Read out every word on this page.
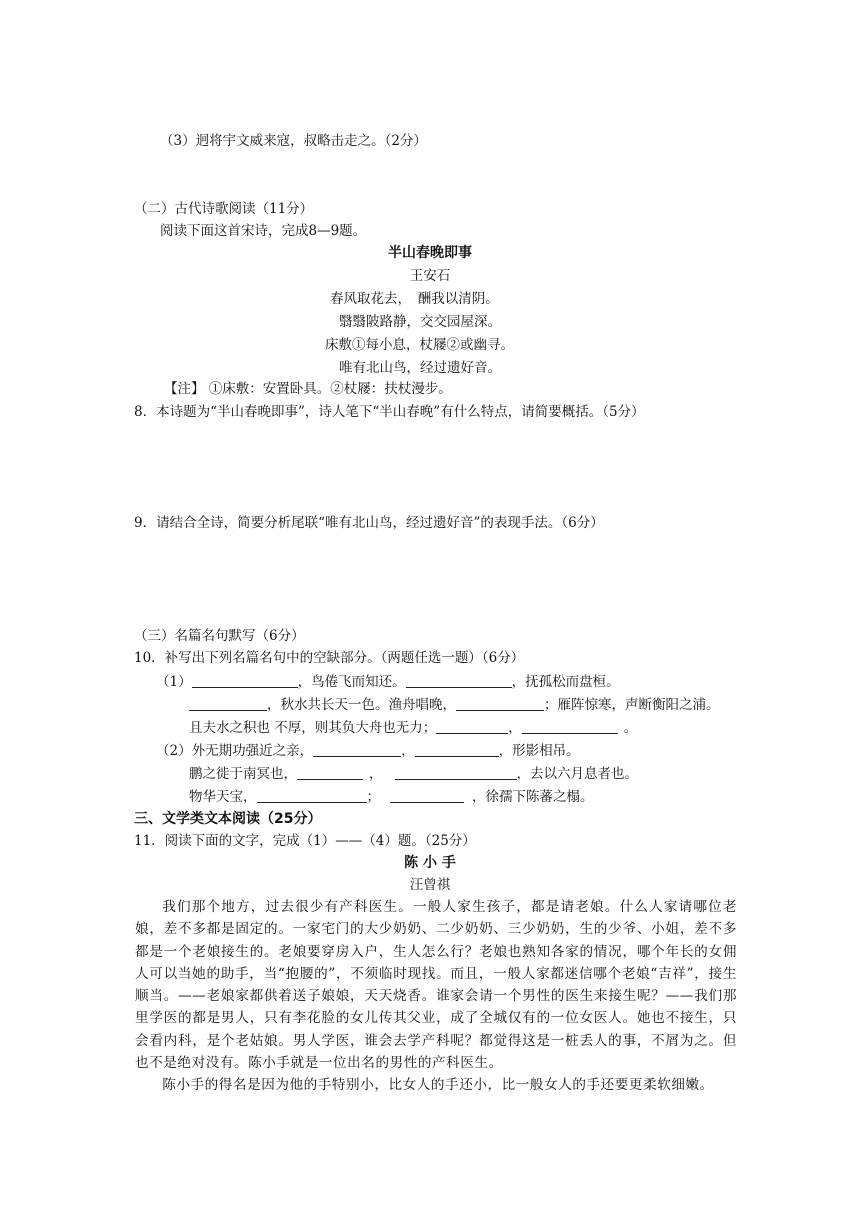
（3）迥将宇文威来寇，叔略击走之。（2分）
（二）古代诗歌阅读（11分）
阅读下面这首宋诗，完成8—9题。
半山春晚即事
王安石
春风取花去，　酬我以清阴。
翳翳陂路静，交交园屋深。
床敷①每小息，杖屦②或幽寻。
唯有北山鸟，经过遗好音。
【注】 ①床敷：安置卧具。②杖屦：扶杖漫步。
8．本诗题为“半山春晚即事”，诗人笔下“半山春晚”有什么特点，请简要概括。（5分）
9．请结合全诗，简要分析尾联“唯有北山鸟，经过遗好音”的表现手法。（6分）
（三）名篇名句默写（6分）
10．补写出下列名篇名句中的空缺部分。（两题任选一题）（6分）
（1）	，鸟倦飞而知还。	，抚孤松而盘桓。
，秋水共长天一色。渔舟唱晚，	；雁阵惊寒，声断衡阳之浦。
且夫水之积也 不厚，则其负大舟也无力；	，	。
（2）外无期功强近之亲，	，	，形影相吊。
鹏之徙于南冥也，	，	，去以六月息者也。
物华天宝，	；	，徐孺下陈蕃之榻。
三、文学类文本阅读（25分）
11．阅读下面的文字，完成（1）——（4）题。（25分）
陈 小 手
汪曾祺

我们那个地方，过去很少有产科医生。一般人家生孩子，都是请老娘。什么人家请哪位老娘，差不多都是固定的。一家宅门的大少奶奶、二少奶奶、三少奶奶，生的少爷、小姐，差不多都是一个老娘接生的。老娘要穿房入户，生人怎么行？老娘也熟知各家的情况，哪个年长的女佣人可以当她的助手，当“抱腰的”，不须临时现找。而且，一般人家都迷信哪个老娘“吉祥”，接生顺当。——老娘家都供着送子娘娘，天天烧香。谁家会请一个男性的医生来接生呢？——我们那里学医的都是男人，只有李花脸的女儿传其父业，成了全城仅有的一位女医人。她也不接生，只会看内科，是个老姑娘。男人学医，谁会去学产科呢？都觉得这是一桩丢人的事，不屑为之。但也不是绝对没有。陈小手就是一位出名的男性的产科医生。

陈小手的得名是因为他的手特别小，比女人的手还小，比一般女人的手还要更柔软细嫩。
